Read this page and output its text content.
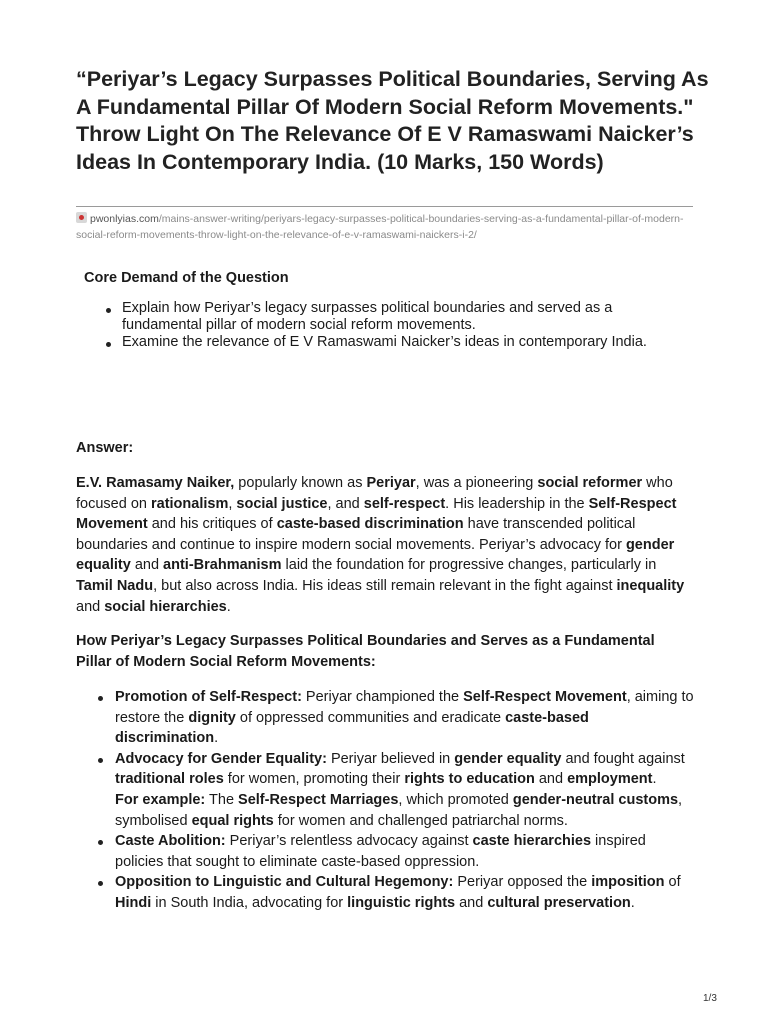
“Periyar’s Legacy Surpasses Political Boundaries, Serving As A Fundamental Pillar Of Modern Social Reform Movements." Throw Light On The Relevance Of E V Ramaswami Naicker’s Ideas In Contemporary India. (10 Marks, 150 Words)
pwonlyias.com/mains-answer-writing/periyars-legacy-surpasses-political-boundaries-serving-as-a-fundamental-pillar-of-modern-social-reform-movements-throw-light-on-the-relevance-of-e-v-ramaswami-naickers-i-2/
Core Demand of the Question
Explain how Periyar’s legacy surpasses political boundaries and served as a fundamental pillar of modern social reform movements.
Examine the relevance of E V Ramaswami Naicker’s ideas in contemporary India.
Answer:

E.V. Ramasamy Naiker, popularly known as Periyar, was a pioneering social reformer who focused on rationalism, social justice, and self-respect. His leadership in the Self-Respect Movement and his critiques of caste-based discrimination have transcended political boundaries and continue to inspire modern social movements. Periyar’s advocacy for gender equality and anti-Brahmanism laid the foundation for progressive changes, particularly in Tamil Nadu, but also across India. His ideas still remain relevant in the fight against inequality and social hierarchies.

How Periyar’s Legacy Surpasses Political Boundaries and Serves as a Fundamental Pillar of Modern Social Reform Movements:
Promotion of Self-Respect: Periyar championed the Self-Respect Movement, aiming to restore the dignity of oppressed communities and eradicate caste-based discrimination.
Advocacy for Gender Equality: Periyar believed in gender equality and fought against traditional roles for women, promoting their rights to education and employment.
For example: The Self-Respect Marriages, which promoted gender-neutral customs, symbolised equal rights for women and challenged patriarchal norms.
Caste Abolition: Periyar’s relentless advocacy against caste hierarchies inspired policies that sought to eliminate caste-based oppression.
Opposition to Linguistic and Cultural Hegemony: Periyar opposed the imposition of Hindi in South India, advocating for linguistic rights and cultural preservation.
1/3
